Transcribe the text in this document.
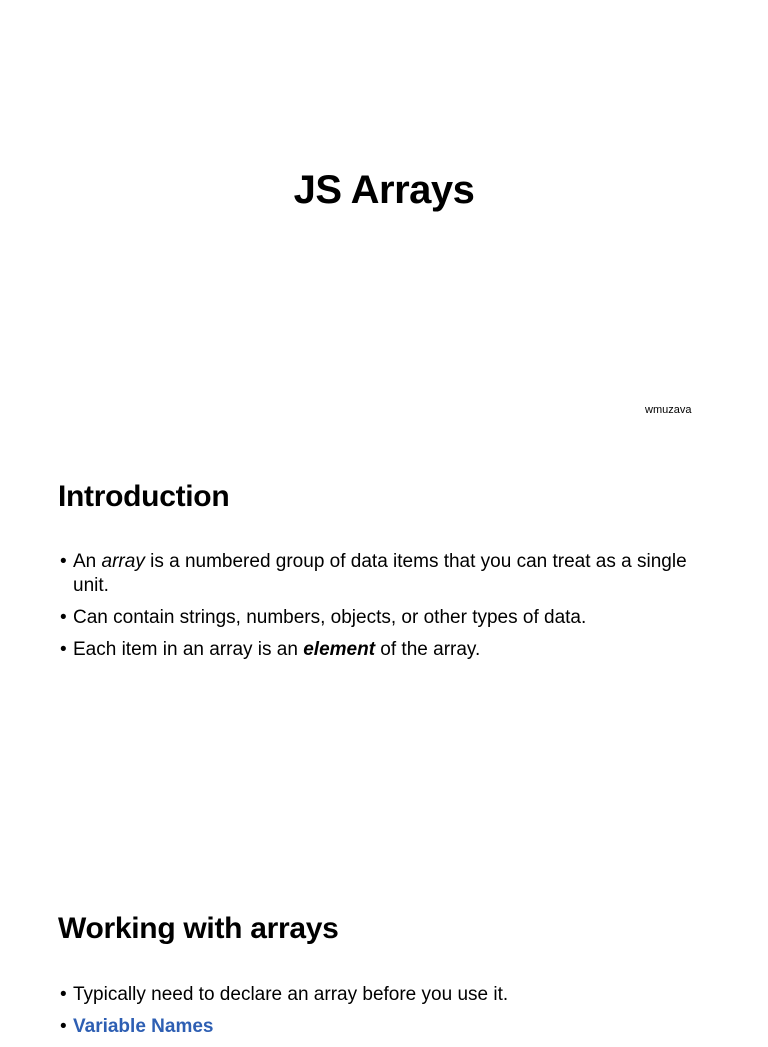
JS Arrays
wmuzava
Introduction
• An array is a numbered group of data items that you can treat as a single unit.
• Can contain strings, numbers, objects, or other types of data.
• Each item in an array is an element of the array.
Working with arrays
• Typically need to declare an array before you use it.
• Variable Names
